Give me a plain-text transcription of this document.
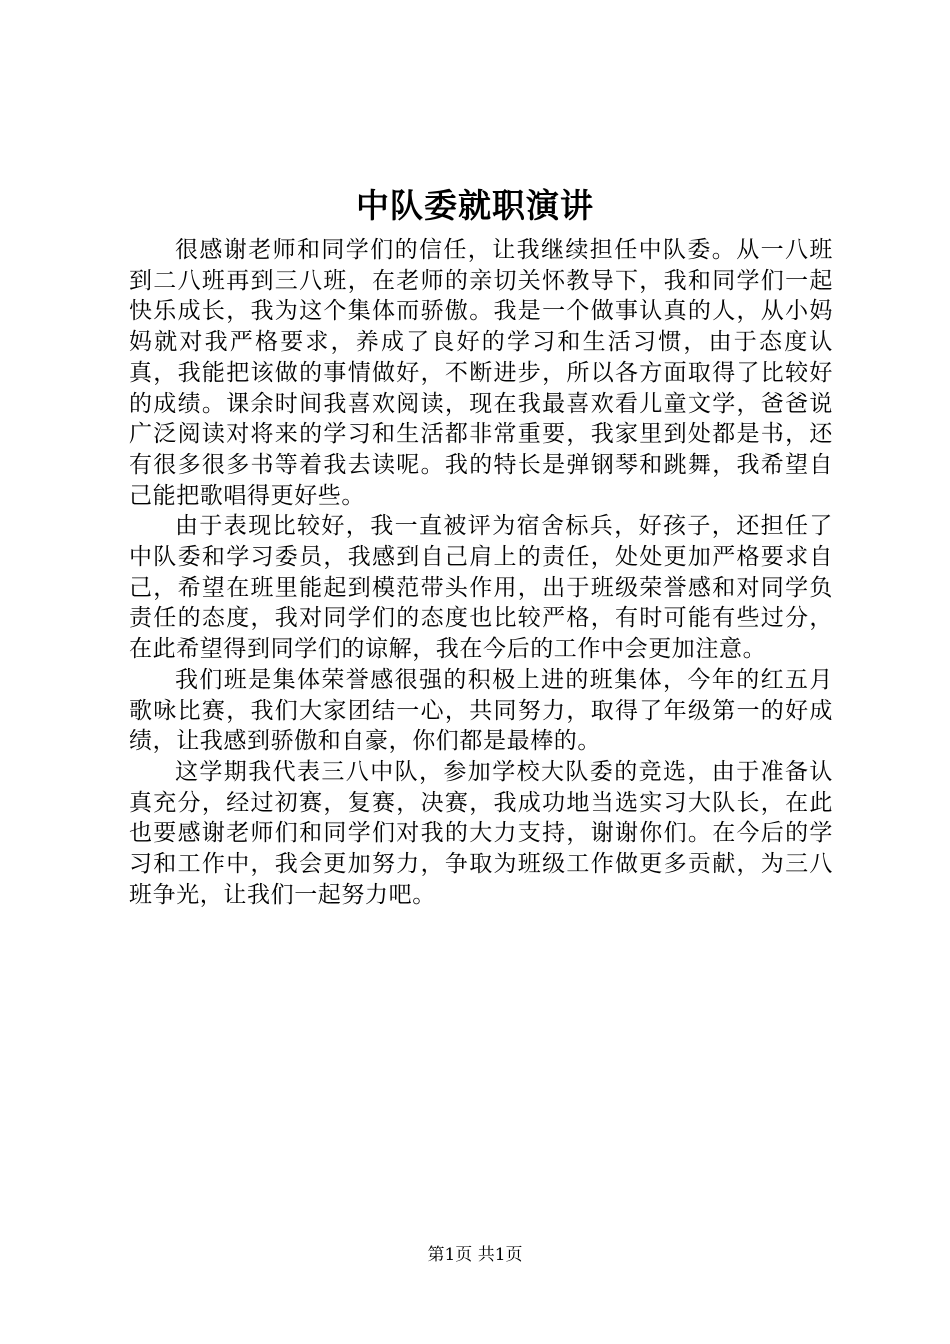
中队委就职演讲

很感谢老师和同学们的信任，让我继续担任中队委。从一八班到二八班再到三八班，在老师的亲切关怀教导下，我和同学们一起快乐成长，我为这个集体而骄傲。我是一个做事认真的人，从小妈妈就对我严格要求，养成了良好的学习和生活习惯，由于态度认真，我能把该做的事情做好，不断进步，所以各方面取得了比较好的成绩。课余时间我喜欢阅读，现在我最喜欢看儿童文学，爸爸说广泛阅读对将来的学习和生活都非常重要，我家里到处都是书，还有很多很多书等着我去读呢。我的特长是弹钢琴和跳舞，我希望自己能把歌唱得更好些。

由于表现比较好，我一直被评为宿舍标兵，好孩子，还担任了中队委和学习委员，我感到自己肩上的责任，处处更加严格要求自己，希望在班里能起到模范带头作用，出于班级荣誉感和对同学负责任的态度，我对同学们的态度也比较严格，有时可能有些过分，在此希望得到同学们的谅解，我在今后的工作中会更加注意。

我们班是集体荣誉感很强的积极上进的班集体，今年的红五月歌咏比赛，我们大家团结一心，共同努力，取得了年级第一的好成绩，让我感到骄傲和自豪，你们都是最棒的。

这学期我代表三八中队，参加学校大队委的竞选，由于准备认真充分，经过初赛，复赛，决赛，我成功地当选实习大队长，在此也要感谢老师们和同学们对我的大力支持，谢谢你们。在今后的学习和工作中，我会更加努力，争取为班级工作做更多贡献，为三八班争光，让我们一起努力吧。

第1页 共1页
